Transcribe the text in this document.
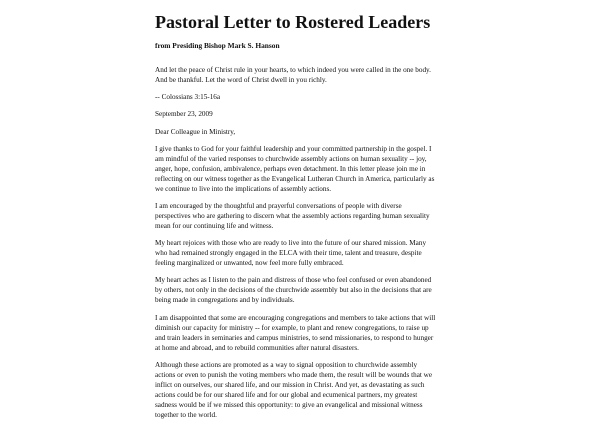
Pastoral Letter to Rostered Leaders
from Presiding Bishop Mark S. Hanson

And let the peace of Christ rule in your hearts, to which indeed you were called in the one body.
And be thankful. Let the word of Christ dwell in you richly.

-- Colossians 3:15-16a

September 23, 2009

Dear Colleague in Ministry,

I give thanks to God for your faithful leadership and your committed partnership in the gospel. I
am mindful of the varied responses to churchwide assembly actions on human sexuality -- joy,
anger, hope, confusion, ambivalence, perhaps even detachment. In this letter please join me in
reflecting on our witness together as the Evangelical Lutheran Church in America, particularly as
we continue to live into the implications of assembly actions.

I am encouraged by the thoughtful and prayerful conversations of people with diverse
perspectives who are gathering to discern what the assembly actions regarding human sexuality
mean for our continuing life and witness.

My heart rejoices with those who are ready to live into the future of our shared mission. Many
who had remained strongly engaged in the ELCA with their time, talent and treasure, despite
feeling marginalized or unwanted, now feel more fully embraced.

My heart aches as I listen to the pain and distress of those who feel confused or even abandoned
by others, not only in the decisions of the churchwide assembly but also in the decisions that are
being made in congregations and by individuals.

I am disappointed that some are encouraging congregations and members to take actions that will
diminish our capacity for ministry -- for example, to plant and renew congregations, to raise up
and train leaders in seminaries and campus ministries, to send missionaries, to respond to hunger
at home and abroad, and to rebuild communities after natural disasters.

Although these actions are promoted as a way to signal opposition to churchwide assembly
actions or even to punish the voting members who made them, the result will be wounds that we
inflict on ourselves, our shared life, and our mission in Christ. And yet, as devastating as such
actions could be for our shared life and for our global and ecumenical partners, my greatest
sadness would be if we missed this opportunity: to give an evangelical and missional witness
together to the world.
